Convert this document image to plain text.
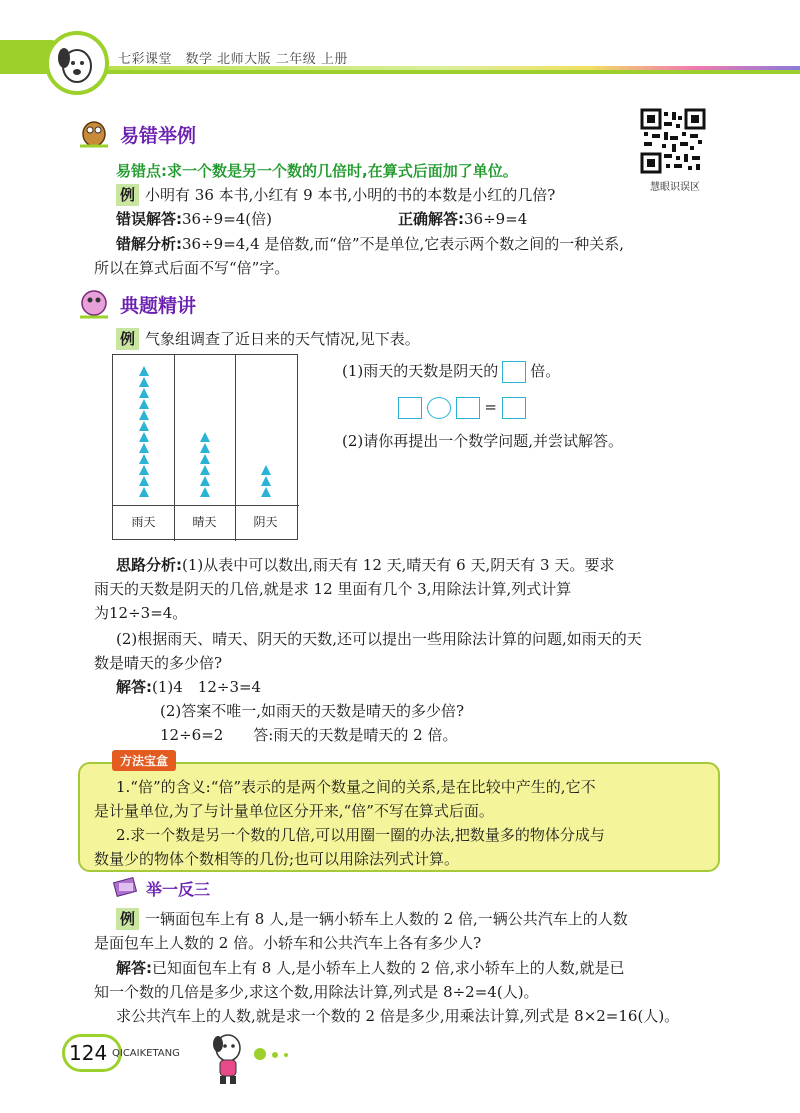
七彩课堂　数学 北师大版 二年级 上册
慧眼识误区
易错举例
易错点:求一个数是另一个数的几倍时,在算式后面加了单位。
例 小明有 36 本书,小红有 9 本书,小明的书的本数是小红的几倍?
错误解答:36÷9=4(倍)	正确解答:36÷9=4
错解分析:36÷9=4,4 是倍数,而“倍”不是单位,它表示两个数之间的一种关系,
所以在算式后面不写“倍”字。
典题精讲
例 气象组调查了近日来的天气情况,见下表。
雨天	晴天	阴天
(1)雨天的天数是阴天的 倍。
=
(2)请你再提出一个数学问题,并尝试解答。
思路分析:(1)从表中可以数出,雨天有 12 天,晴天有 6 天,阴天有 3 天。要求
雨天的天数是阴天的几倍,就是求 12 里面有几个 3,用除法计算,列式计算
为12÷3=4。
(2)根据雨天、晴天、阴天的天数,还可以提出一些用除法计算的问题,如雨天的天
数是晴天的多少倍?
解答:(1)4　12÷3=4
(2)答案不唯一,如雨天的天数是晴天的多少倍?
12÷6=2　　答:雨天的天数是晴天的 2 倍。
方法宝盒
1.“倍”的含义:“倍”表示的是两个数量之间的关系,是在比较中产生的,它不
是计量单位,为了与计量单位区分开来,“倍”不写在算式后面。
2.求一个数是另一个数的几倍,可以用圈一圈的办法,把数量多的物体分成与
数量少的物体个数相等的几份;也可以用除法列式计算。
举一反三
例 一辆面包车上有 8 人,是一辆小轿车上人数的 2 倍,一辆公共汽车上的人数
是面包车上人数的 2 倍。小轿车和公共汽车上各有多少人?
解答:已知面包车上有 8 人,是小轿车上人数的 2 倍,求小轿车上的人数,就是已
知一个数的几倍是多少,求这个数,用除法计算,列式是 8÷2=4(人)。
求公共汽车上的人数,就是求一个数的 2 倍是多少,用乘法计算,列式是 8×2=16(人)。
124 QICAIKETANG
